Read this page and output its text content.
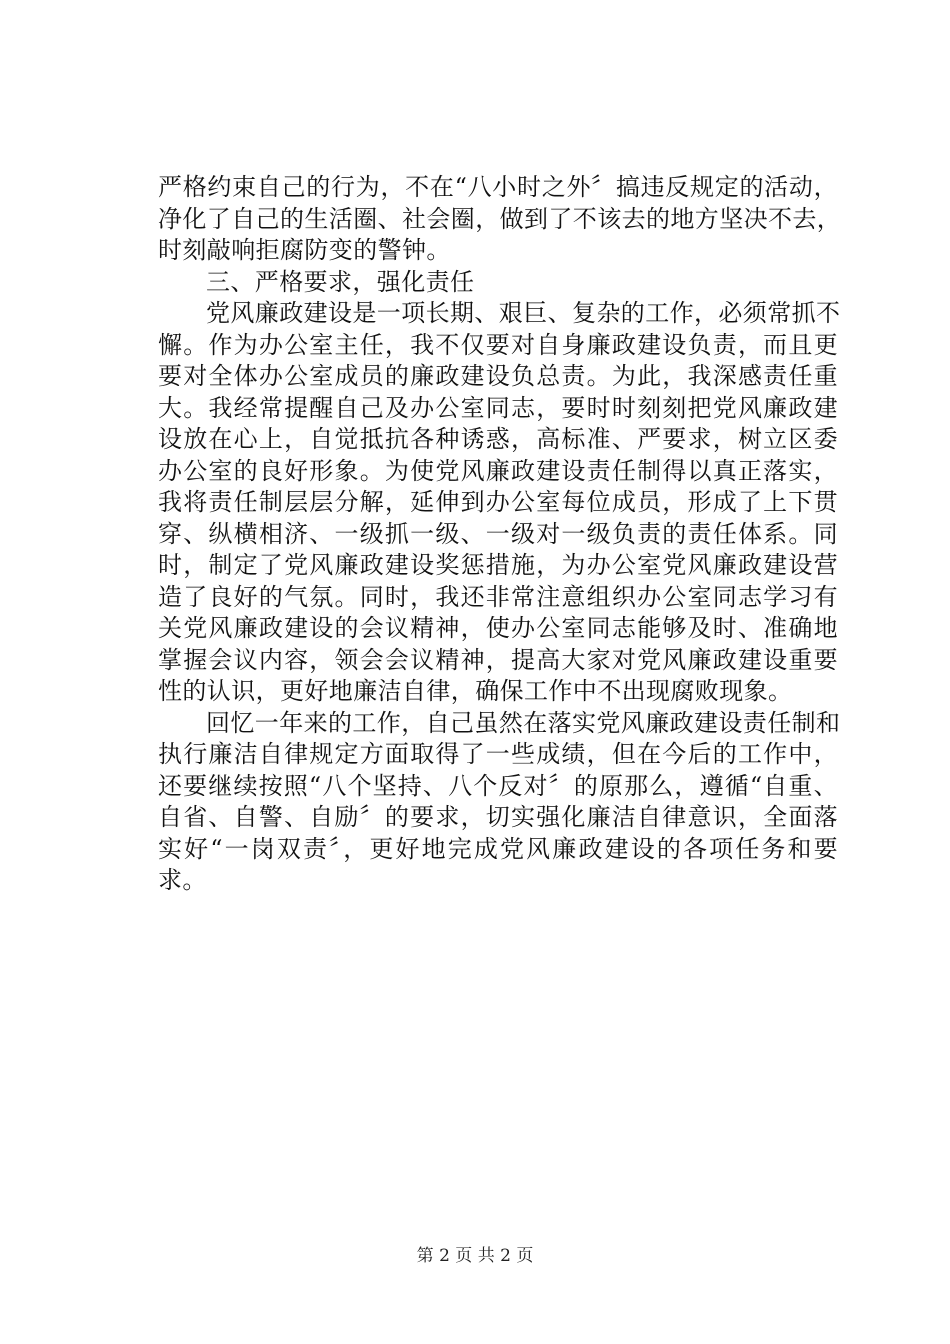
严格约束自己的行为，不在“八小时之外〞搞违反规定的活动，
净化了自己的生活圈、社会圈，做到了不该去的地方坚决不去，
时刻敲响拒腐防变的警钟。
三、严格要求，强化责任
党风廉政建设是一项长期、艰巨、复杂的工作，必须常抓不
懈。作为办公室主任，我不仅要对自身廉政建设负责，而且更
要对全体办公室成员的廉政建设负总责。为此，我深感责任重
大。我经常提醒自己及办公室同志，要时时刻刻把党风廉政建
设放在心上，自觉抵抗各种诱惑，高标准、严要求，树立区委
办公室的良好形象。为使党风廉政建设责任制得以真正落实，
我将责任制层层分解，延伸到办公室每位成员，形成了上下贯
穿、纵横相济、一级抓一级、一级对一级负责的责任体系。同
时，制定了党风廉政建设奖惩措施，为办公室党风廉政建设营
造了良好的气氛。同时，我还非常注意组织办公室同志学习有
关党风廉政建设的会议精神，使办公室同志能够及时、准确地
掌握会议内容，领会会议精神，提高大家对党风廉政建设重要
性的认识，更好地廉洁自律，确保工作中不出现腐败现象。
回忆一年来的工作，自己虽然在落实党风廉政建设责任制和
执行廉洁自律规定方面取得了一些成绩，但在今后的工作中，
还要继续按照“八个坚持、八个反对〞的原那么，遵循“自重、
自省、自警、自励〞的要求，切实强化廉洁自律意识，全面落
实好“一岗双责〞，更好地完成党风廉政建设的各项任务和要
求。
第 2 页 共 2 页
